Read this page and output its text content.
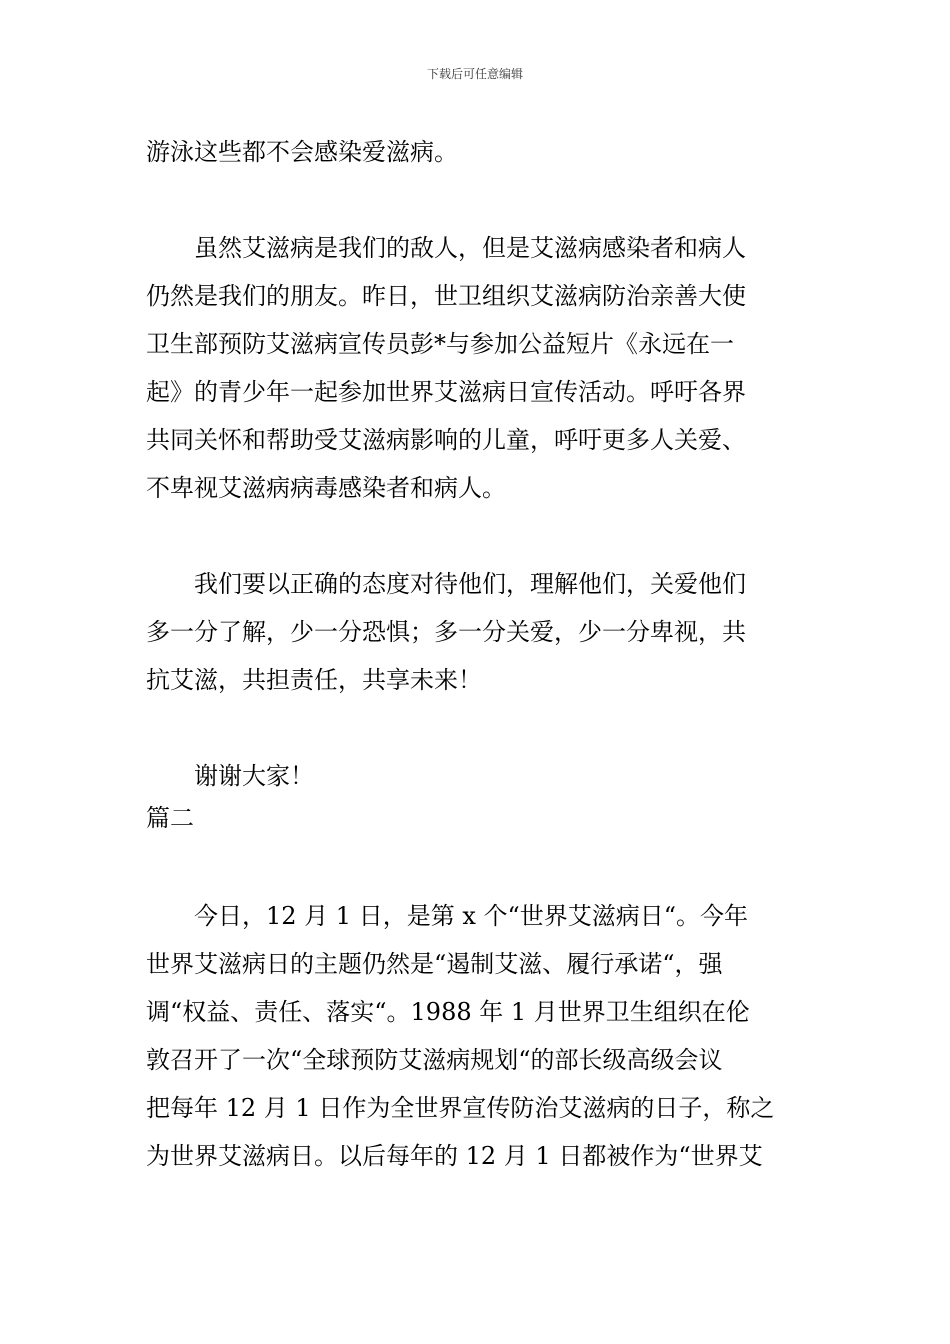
下载后可任意编辑

游泳这些都不会感染爱滋病。

虽然艾滋病是我们的敌人，但是艾滋病感染者和病人
仍然是我们的朋友。昨日，世卫组织艾滋病防治亲善大使
卫生部预防艾滋病宣传员彭*与参加公益短片《永远在一
起》的青少年一起参加世界艾滋病日宣传活动。呼吁各界
共同关怀和帮助受艾滋病影响的儿童，呼吁更多人关爱、
不卑视艾滋病病毒感染者和病人。

我们要以正确的态度对待他们，理解他们，关爱他们
多一分了解，少一分恐惧；多一分关爱，少一分卑视，共
抗艾滋，共担责任，共享未来！

谢谢大家！

篇二

今日，12 月 1 日，是第 x 个“世界艾滋病日“。今年
世界艾滋病日的主题仍然是“遏制艾滋、履行承诺“，强
调“权益、责任、落实“。1988 年 1 月世界卫生组织在伦
敦召开了一次“全球预防艾滋病规划“的部长级高级会议
把每年 12 月 1 日作为全世界宣传防治艾滋病的日子，称之
为世界艾滋病日。以后每年的 12 月 1 日都被作为“世界艾
